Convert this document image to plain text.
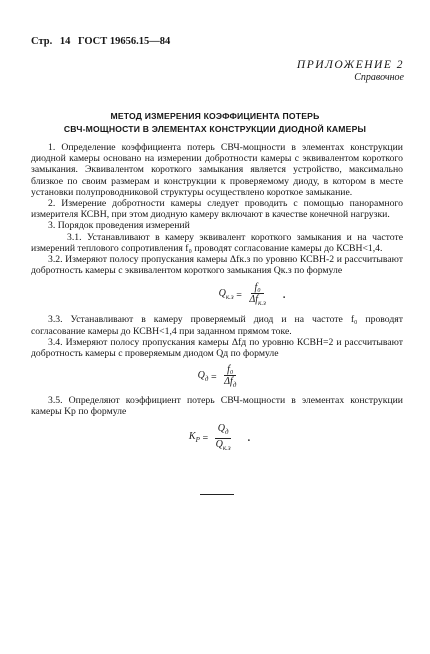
Стр. 14 ГОСТ 19656.15—84
ПРИЛОЖЕНИЕ 2
Справочное
МЕТОД ИЗМЕРЕНИЯ КОЭФФИЦИЕНТА ПОТЕРЬ
СВЧ-МОЩНОСТИ В ЭЛЕМЕНТАХ КОНСТРУКЦИИ ДИОДНОЙ КАМЕРЫ

1. Определение коэффициента потерь СВЧ-мощности в элементах конструкции диодной камеры основано на измерении добротности камеры с эквивалентом короткого замыкания. Эквивалентом короткого замыкания является устройство, максимально близкое по своим размерам и конструкции к проверяемому диоду, в котором в месте установки полупроводниковой структуры осуществлено короткое замыкание.

2. Измерение добротности камеры следует проводить с помощью панорамного измерителя КСВН, при этом диодную камеру включают в качестве конечной нагрузки.

3. Порядок проведения измерений

3.1. Устанавливают в камеру эквивалент короткого замыкания и на частоте измерений теплового сопротивления f₀ проводят согласование камеры до КСВН<1,4.

3.2. Измеряют полосу пропускания камеры Δfк.з по уровню КСВН-2 и рассчитывают добротность камеры с эквивалентом короткого замыкания Qк.з по формуле

$Q_{к.з} = \frac{\text{f₀}}{\Delta f_{к.з}}$ .

3.3. Устанавливают в камеру проверяемый диод и на частоте f₀ проводят согласование камеры до КСВН<1,4 при заданном прямом токе.

3.4. Измеряют полосу пропускания камеры Δfд по уровню КСВН=2 и рассчитывают добротность камеры с проверяемым диодом Qд по формуле

$Q_д = \frac{\text{f₀}}{\Delta f_д}$

3.5. Определяют коэффициент потерь СВЧ-мощности в элементах конструкции камеры Kр по формуле

$K_P = \frac{Q_д}{Q_{к.з}}$ .
